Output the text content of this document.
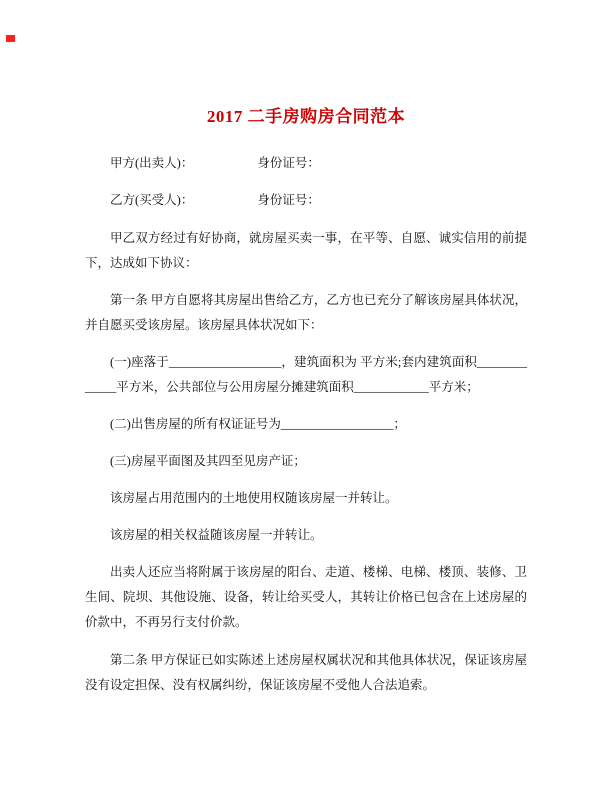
2017 二手房购房合同范本
甲方(出卖人)：	身份证号：
乙方(买受人)：	身份证号：

甲乙双方经过有好协商，就房屋买卖一事，在平等、自愿、诚实信用的前提下，达成如下协议：

第一条 甲方自愿将其房屋出售给乙方，乙方也已充分了解该房屋具体状况，并自愿买受该房屋。该房屋具体状况如下：

(一)座落于__________________，建筑面积为 平方米;套内建筑面积_____________平方米，公共部位与公用房屋分摊建筑面积____________平方米；

(二)出售房屋的所有权证证号为__________________；

(三)房屋平面图及其四至见房产证；

该房屋占用范围内的土地使用权随该房屋一并转让。

该房屋的相关权益随该房屋一并转让。

出卖人还应当将附属于该房屋的阳台、走道、楼梯、电梯、楼顶、装修、卫生间、院坝、其他设施、设备，转让给买受人，其转让价格已包含在上述房屋的价款中，不再另行支付价款。

第二条 甲方保证已如实陈述上述房屋权属状况和其他具体状况，保证该房屋没有设定担保、没有权属纠纷，保证该房屋不受他人合法追索。
